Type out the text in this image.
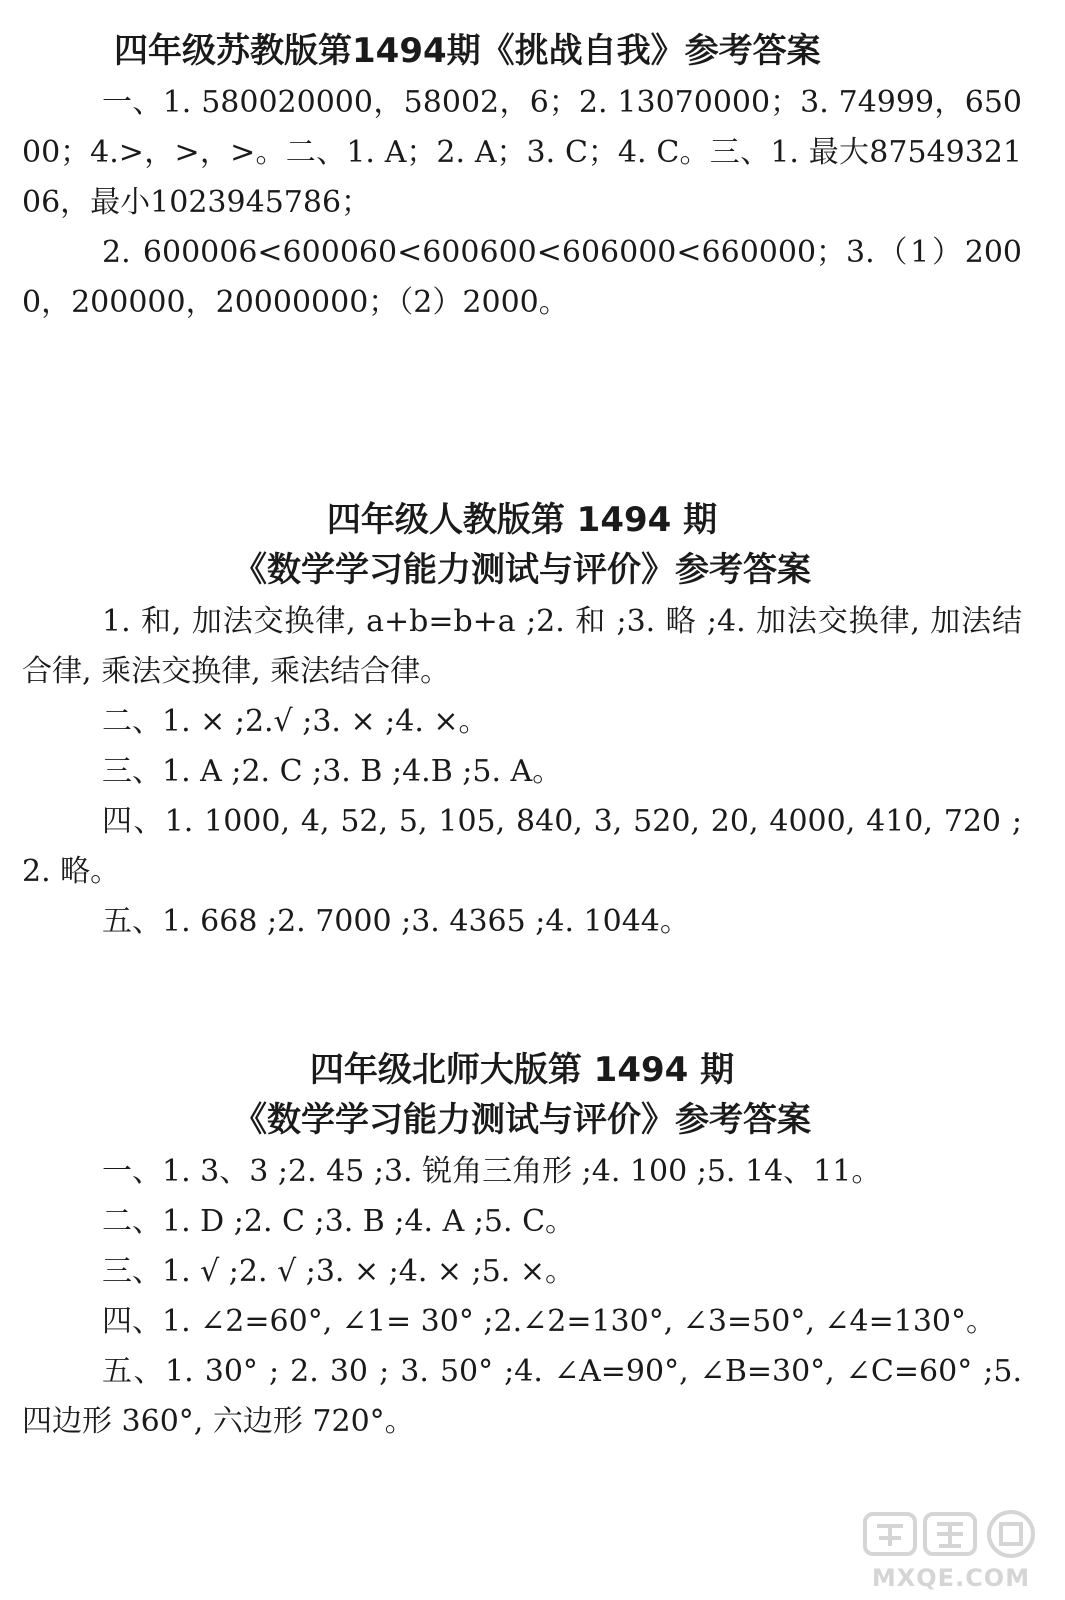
四年级苏教版第1494期《挑战自我》参考答案

一、1. 580020000，58002，6；2. 13070000；3. 74999，65000；4.>，>，>。二、1. A；2. A；3. C；4. C。三、1. 最大8754932106，最小1023945786；

2. 600006<600060<600600<606000<660000；3.（1）2000，200000，20000000；（2）2000。

四年级人教版第 1494 期
《数学学习能力测试与评价》参考答案

1. 和, 加法交换律, a+b=b+a ;2. 和 ;3. 略 ;4. 加法交换律, 加法结合律, 乘法交换律, 乘法结合律。

二、1. × ;2.√ ;3. × ;4. ×。

三、1. A ;2. C ;3. B ;4.B ;5. A。

四、1. 1000, 4, 52, 5, 105, 840, 3, 520, 20, 4000, 410, 720 ;2. 略。

五、1. 668 ;2. 7000 ;3. 4365 ;4. 1044。

四年级北师大版第 1494 期
《数学学习能力测试与评价》参考答案

一、1. 3、3 ;2. 45 ;3. 锐角三角形 ;4. 100 ;5. 14、11。

二、1. D ;2. C ;3. B ;4. A ;5. C。

三、1. √ ;2. √ ;3. × ;4. × ;5. ×。

四、1. ∠2=60°, ∠1= 30° ;2.∠2=130°, ∠3=50°, ∠4=130°。

五、1. 30° ; 2. 30 ; 3. 50° ;4. ∠A=90°, ∠B=30°, ∠C=60° ;5. 四边形 360°, 六边形 720°。

MXQE.COM
